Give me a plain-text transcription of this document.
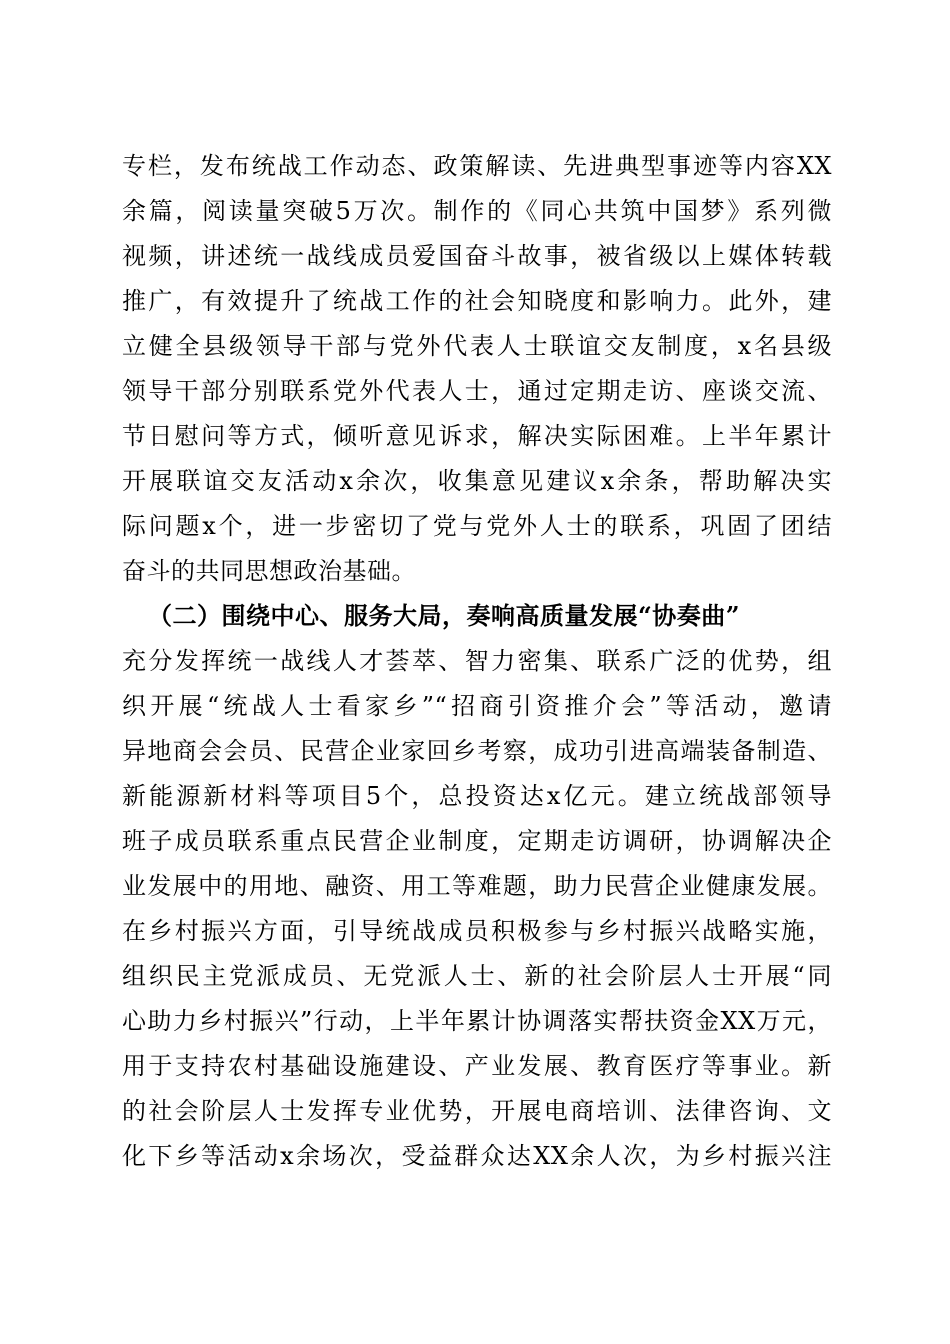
专栏，发布统战工作动态、政策解读、先进典型事迹等内容XX
余篇，阅读量突破5万次。制作的《同心共筑中国梦》系列微
视频，讲述统一战线成员爱国奋斗故事，被省级以上媒体转载
推广，有效提升了统战工作的社会知晓度和影响力。此外，建
立健全县级领导干部与党外代表人士联谊交友制度，x名县级
领导干部分别联系党外代表人士，通过定期走访、座谈交流、
节日慰问等方式，倾听意见诉求，解决实际困难。上半年累计
开展联谊交友活动x余次，收集意见建议x余条，帮助解决实
际问题x个，进一步密切了党与党外人士的联系，巩固了团结
奋斗的共同思想政治基础。
（二）围绕中心、服务大局，奏响高质量发展“协奏曲”
充分发挥统一战线人才荟萃、智力密集、联系广泛的优势，组
织开展“统战人士看家乡”“招商引资推介会”等活动，邀请
异地商会会员、民营企业家回乡考察，成功引进高端装备制造、
新能源新材料等项目5个，总投资达x亿元。建立统战部领导
班子成员联系重点民营企业制度，定期走访调研，协调解决企
业发展中的用地、融资、用工等难题，助力民营企业健康发展。
在乡村振兴方面，引导统战成员积极参与乡村振兴战略实施，
组织民主党派成员、无党派人士、新的社会阶层人士开展“同
心助力乡村振兴”行动，上半年累计协调落实帮扶资金XX万元，
用于支持农村基础设施建设、产业发展、教育医疗等事业。新
的社会阶层人士发挥专业优势，开展电商培训、法律咨询、文
化下乡等活动x余场次，受益群众达XX余人次，为乡村振兴注
